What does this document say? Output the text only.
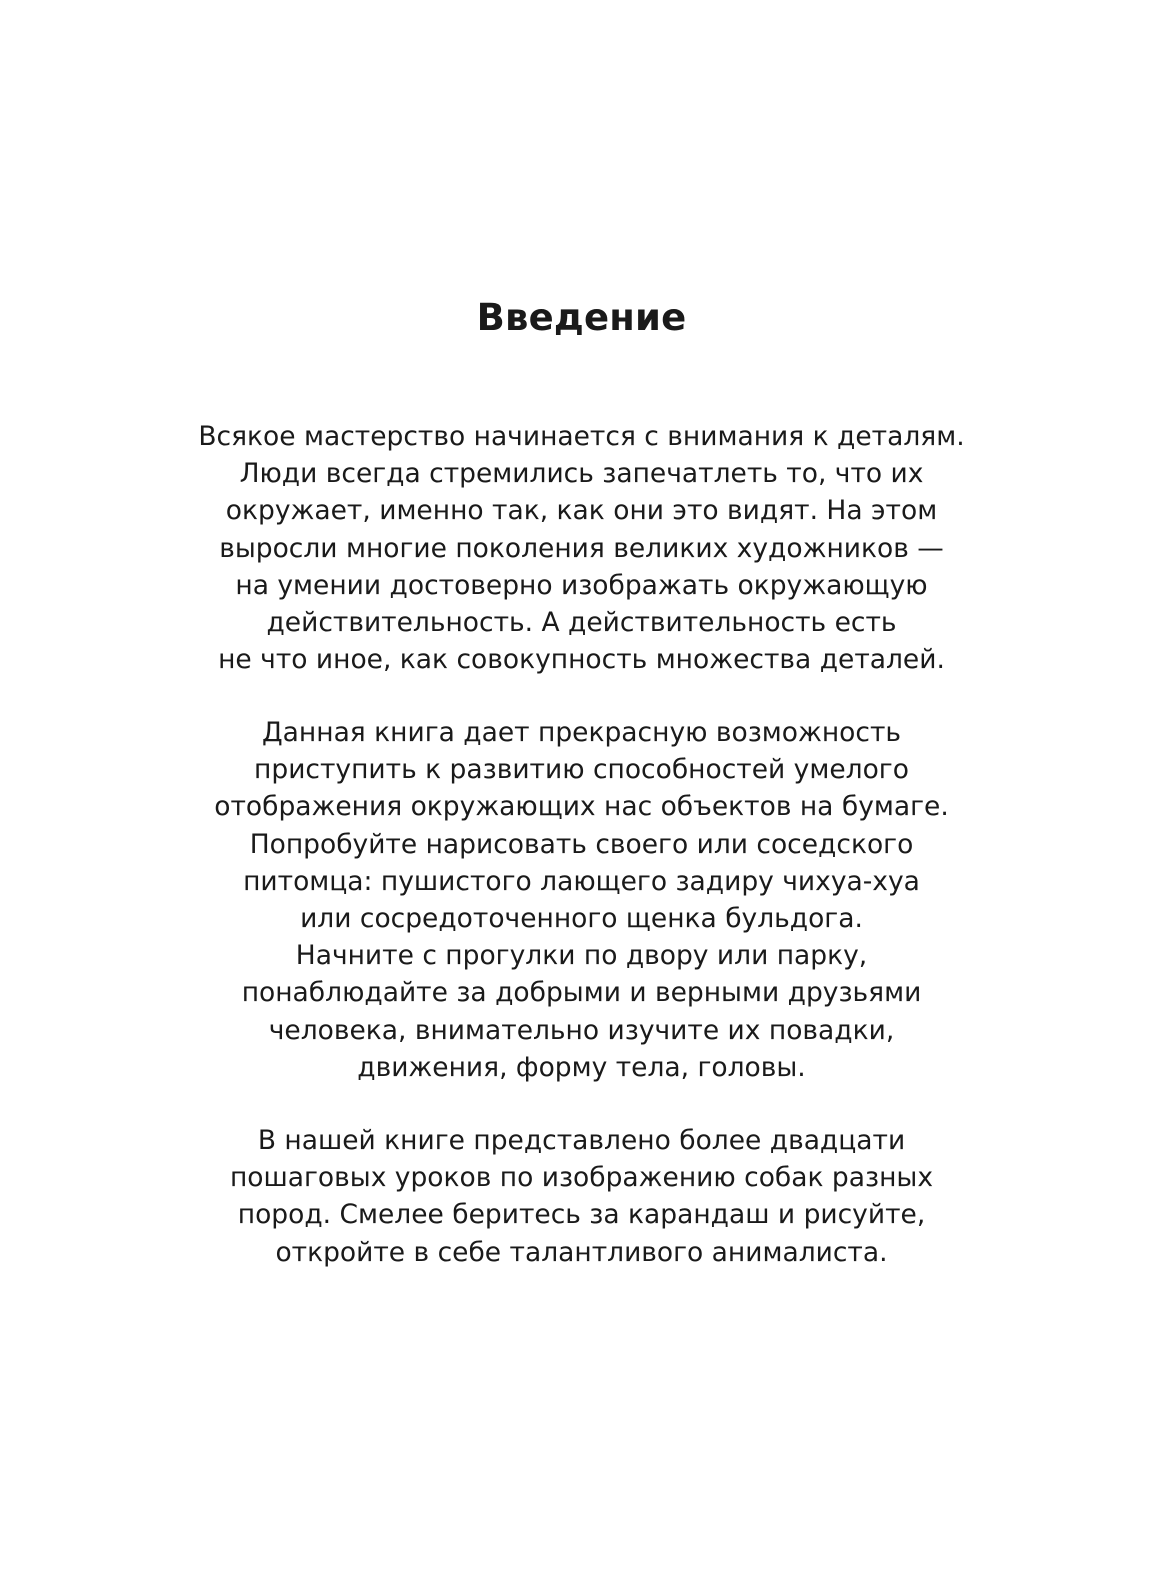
Введение
Всякое мастерство начинается с внимания к деталям.
Люди всегда стремились запечатлеть то, что их
окружает, именно так, как они это видят. На этом
выросли многие поколения великих художников —
на умении достоверно изображать окружающую
действительность. А действительность есть
не что иное, как совокупность множества деталей.
Данная книга дает прекрасную возможность
приступить к развитию способностей умелого
отображения окружающих нас объектов на бумаге.
Попробуйте нарисовать своего или соседского
питомца: пушистого лающего задиру чихуа-хуа
или сосредоточенного щенка бульдога.
Начните с прогулки по двору или парку,
понаблюдайте за добрыми и верными друзьями
человека, внимательно изучите их повадки,
движения, форму тела, головы.
В нашей книге представлено более двадцати
пошаговых уроков по изображению собак разных
пород. Смелее беритесь за карандаш и рисуйте,
откройте в себе талантливого анималиста.
